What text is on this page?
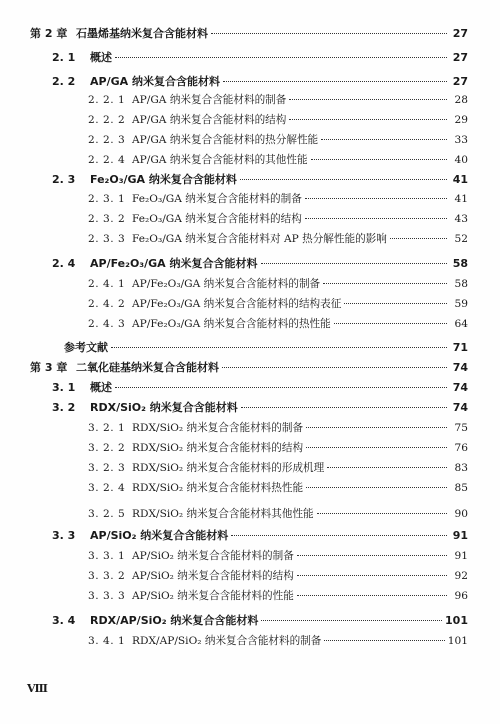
第 2 章 石墨烯基纳米复合含能材料	27
2. 1	概述	27
2. 2	AP/GA 纳米复合含能材料	27
2. 2. 1 AP/GA 纳米复合含能材料的制备	28
2. 2. 2 AP/GA 纳米复合含能材料的结构	29
2. 2. 3 AP/GA 纳米复合含能材料的热分解性能	33
2. 2. 4 AP/GA 纳米复合含能材料的其他性能	40
2. 3	Fe₂O₃/GA 纳米复合含能材料	41
2. 3. 1 Fe₂O₃/GA 纳米复合含能材料的制备	41
2. 3. 2 Fe₂O₃/GA 纳米复合含能材料的结构	43
2. 3. 3 Fe₂O₃/GA 纳米复合含能材料对 AP 热分解性能的影响	52
2. 4	AP/Fe₂O₃/GA 纳米复合含能材料	58
2. 4. 1 AP/Fe₂O₃/GA 纳米复合含能材料的制备	58
2. 4. 2 AP/Fe₂O₃/GA 纳米复合含能材料的结构表征	59
2. 4. 3 AP/Fe₂O₃/GA 纳米复合含能材料的热性能	64
参考文献	71
第 3 章 二氧化硅基纳米复合含能材料	74
3. 1	概述	74
3. 2	RDX/SiO₂ 纳米复合含能材料	74
3. 2. 1 RDX/SiO₂ 纳米复合含能材料的制备	75
3. 2. 2 RDX/SiO₂ 纳米复合含能材料的结构	76
3. 2. 3 RDX/SiO₂ 纳米复合含能材料的形成机理	83
3. 2. 4 RDX/SiO₂ 纳米复合含能材料热性能	85
3. 2. 5 RDX/SiO₂ 纳米复合含能材料其他性能	90
3. 3	AP/SiO₂ 纳米复合含能材料	91
3. 3. 1 AP/SiO₂ 纳米复合含能材料的制备	91
3. 3. 2 AP/SiO₂ 纳米复合含能材料的结构	92
3. 3. 3 AP/SiO₂ 纳米复合含能材料的性能	96
3. 4	RDX/AP/SiO₂ 纳米复合含能材料	101
3. 4. 1 RDX/AP/SiO₂ 纳米复合含能材料的制备	101
Ⅷ
